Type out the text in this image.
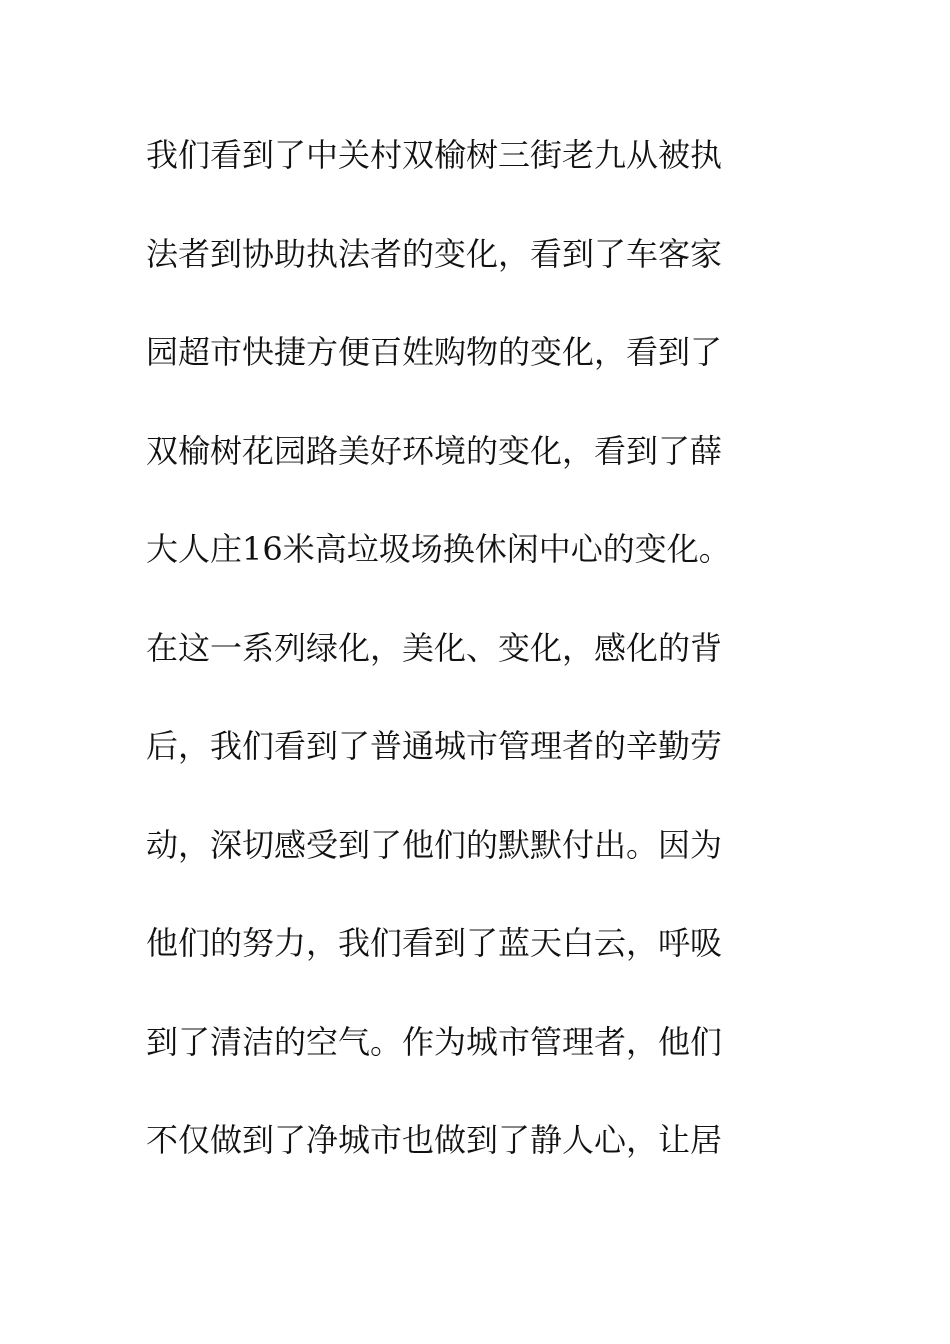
我们看到了中关村双榆树三街老九从被执
法者到协助执法者的变化，看到了车客家
园超市快捷方便百姓购物的变化，看到了
双榆树花园路美好环境的变化，看到了薛
大人庄16米高垃圾场换休闲中心的变化。
在这一系列绿化，美化、变化，感化的背
后，我们看到了普通城市管理者的辛勤劳
动，深切感受到了他们的默默付出。因为
他们的努力，我们看到了蓝天白云，呼吸
到了清洁的空气。作为城市管理者，他们
不仅做到了净城市也做到了静人心，让居
